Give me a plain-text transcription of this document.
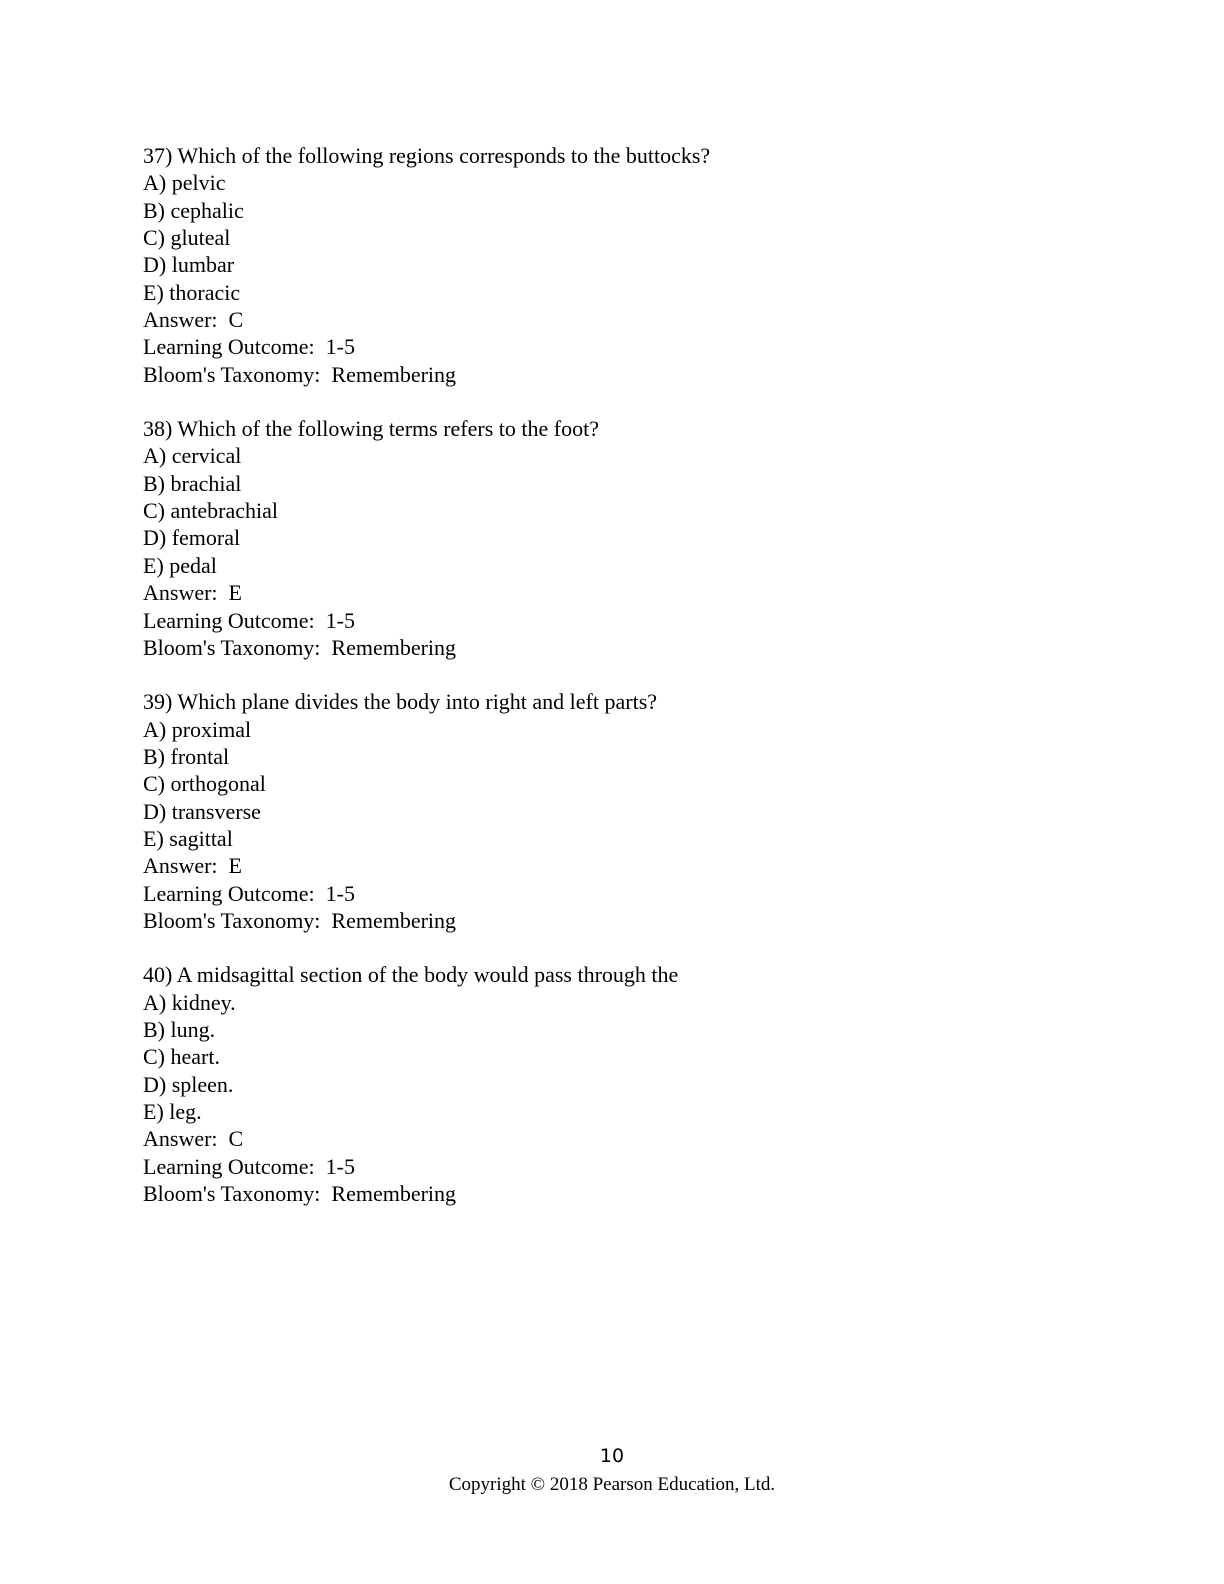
37) Which of the following regions corresponds to the buttocks?

A) pelvic

B) cephalic

C) gluteal

D) lumbar

E) thoracic

Answer:  C

Learning Outcome:  1-5

Bloom's Taxonomy:  Remembering

38) Which of the following terms refers to the foot?

A) cervical

B) brachial

C) antebrachial

D) femoral

E) pedal

Answer:  E

Learning Outcome:  1-5

Bloom's Taxonomy:  Remembering

39) Which plane divides the body into right and left parts?

A) proximal

B) frontal

C) orthogonal

D) transverse

E) sagittal

Answer:  E

Learning Outcome:  1-5

Bloom's Taxonomy:  Remembering

40) A midsagittal section of the body would pass through the

A) kidney.

B) lung.

C) heart.

D) spleen.

E) leg.

Answer:  C

Learning Outcome:  1-5

Bloom's Taxonomy:  Remembering

10
Copyright © 2018 Pearson Education, Ltd.
